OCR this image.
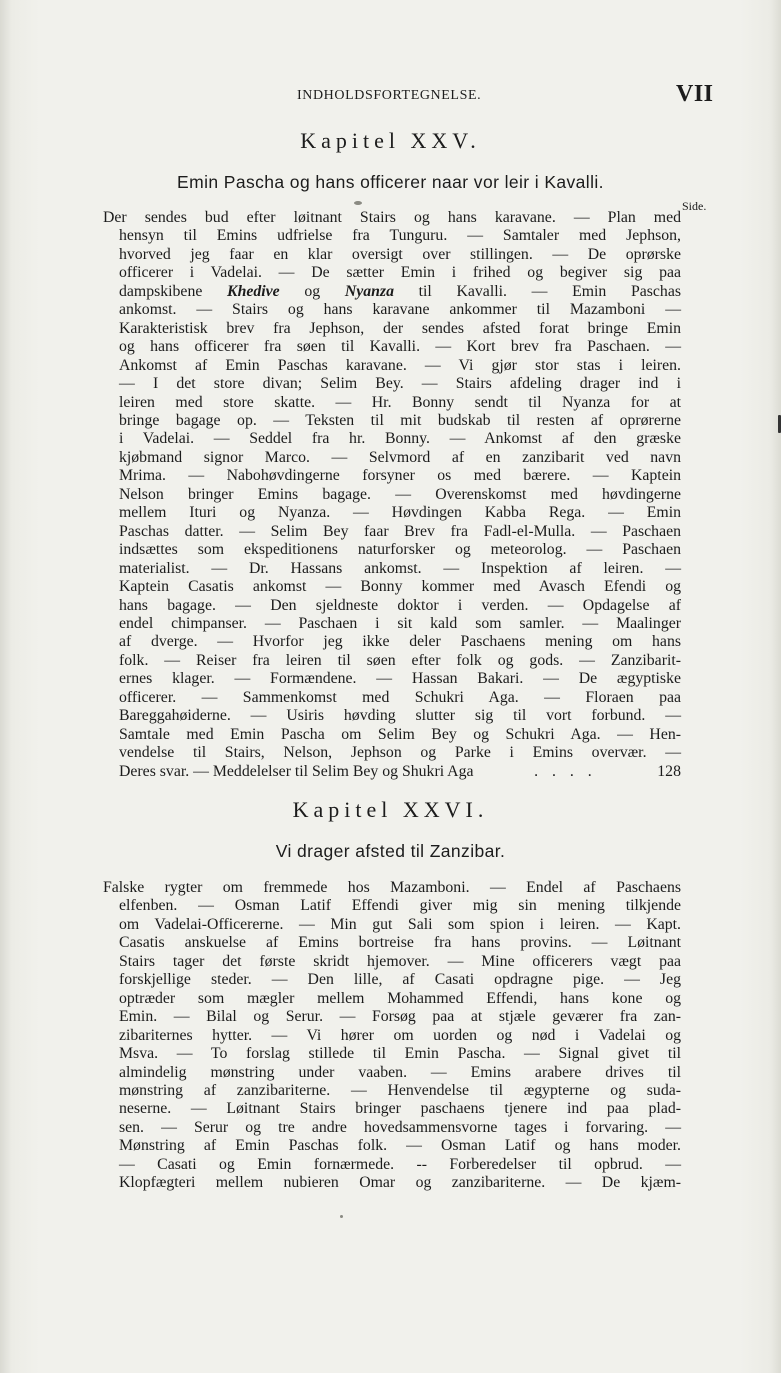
INDHOLDSFORTEGNELSE.	VII
Kapitel XXV.
Emin Pascha og hans officerer naar vor leir i Kavalli.
Side.
Der sendes bud efter løitnant Stairs og hans karavane. — Plan med
hensyn til Emins udfrielse fra Tunguru. — Samtaler med Jephson,
hvorved jeg faar en klar oversigt over stillingen. — De oprørske
officerer i Vadelai. — De sætter Emin i frihed og begiver sig paa
dampskibene Khedive og Nyanza til Kavalli. — Emin Paschas
ankomst. — Stairs og hans karavane ankommer til Mazamboni —
Karakteristisk brev fra Jephson, der sendes afsted forat bringe Emin
og hans officerer fra søen til Kavalli. — Kort brev fra Paschaen. —
Ankomst af Emin Paschas karavane. — Vi gjør stor stas i leiren.
— I det store divan; Selim Bey. — Stairs afdeling drager ind i
leiren med store skatte. — Hr. Bonny sendt til Nyanza for at
bringe bagage op. — Teksten til mit budskab til resten af oprørerne
i Vadelai. — Seddel fra hr. Bonny. — Ankomst af den græske
kjøbmand signor Marco. — Selvmord af en zanzibarit ved navn
Mrima. — Nabohøvdingerne forsyner os med bærere. — Kaptein
Nelson bringer Emins bagage. — Overenskomst med høvdingerne
mellem Ituri og Nyanza. — Høvdingen Kabba Rega. — Emin
Paschas datter. — Selim Bey faar Brev fra Fadl-el-Mulla. — Paschaen
indsættes som ekspeditionens naturforsker og meteorolog. — Paschaen
materialist. — Dr. Hassans ankomst. — Inspektion af leiren. —
Kaptein Casatis ankomst — Bonny kommer med Avasch Efendi og
hans bagage. — Den sjeldneste doktor i verden. — Opdagelse af
endel chimpanser. — Paschaen i sit kald som samler. — Maalinger
af dverge. — Hvorfor jeg ikke deler Paschaens mening om hans
folk. — Reiser fra leiren til søen efter folk og gods. — Zanzibarit-
ernes klager. — Formændene. — Hassan Bakari. — De ægyptiske
officerer. — Sammenkomst med Schukri Aga. — Floraen paa
Bareggahøiderne. — Usiris høvding slutter sig til vort forbund. —
Samtale med Emin Pascha om Selim Bey og Schukri Aga. — Hen-
vendelse til Stairs, Nelson, Jephson og Parke i Emins overvær. —
Deres svar. — Meddelelser til Selim Bey og Shukri Aga	. . . .	128
Kapitel XXVI.
Vi drager afsted til Zanzibar.
Falske rygter om fremmede hos Mazamboni. — Endel af Paschaens
elfenben. — Osman Latif Effendi giver mig sin mening tilkjende
om Vadelai-Officererne. — Min gut Sali som spion i leiren. — Kapt.
Casatis anskuelse af Emins bortreise fra hans provins. — Løitnant
Stairs tager det første skridt hjemover. — Mine officerers vægt paa
forskjellige steder. — Den lille, af Casati opdragne pige. — Jeg
optræder som mægler mellem Mohammed Effendi, hans kone og
Emin. — Bilal og Serur. — Forsøg paa at stjæle geværer fra zan-
zibariternes hytter. — Vi hører om uorden og nød i Vadelai og
Msva. — To forslag stillede til Emin Pascha. — Signal givet til
almindelig mønstring under vaaben. — Emins arabere drives til
mønstring af zanzibariterne. — Henvendelse til ægypterne og suda-
neserne. — Løitnant Stairs bringer paschaens tjenere ind paa plad-
sen. — Serur og tre andre hovedsammensvorne tages i forvaring. —
Mønstring af Emin Paschas folk. — Osman Latif og hans moder.
— Casati og Emin fornærmede. -- Forberedelser til opbrud. —
Klopfægteri mellem nubieren Omar og zanzibariterne. — De kjæm-
